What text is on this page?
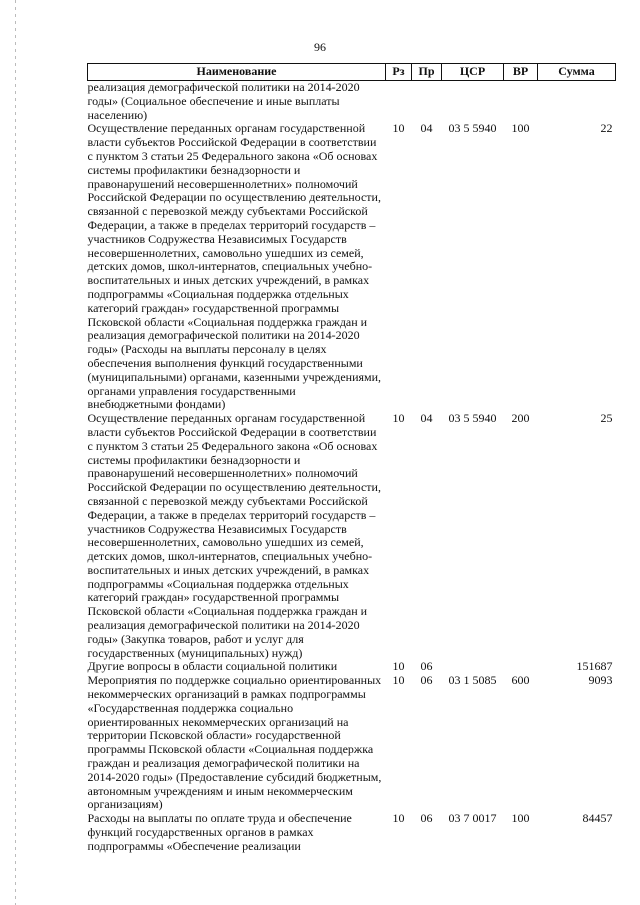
96
Наименование	Рз	Пр	ЦСР	ВР	Сумма
реализация демографической политики на 2014-2020 годы» (Социальное обеспечение и иные выплаты населению)					
Осуществление переданных органам государственной власти субъектов Российской Федерации в соответствии с пунктом 3 статьи 25 Федерального закона «Об основах системы профилактики безнадзорности и правонарушений несовершеннолетних» полномочий Российской Федерации по осуществлению деятельности, связанной с перевозкой между субъектами Российской Федерации, а также в пределах территорий государств – участников Содружества Независимых Государств несовершеннолетних, самовольно ушедших из семей, детских домов, школ-интернатов, специальных учебно-воспитательных и иных детских учреждений, в рамках подпрограммы «Социальная поддержка отдельных категорий граждан» государственной программы Псковской области «Социальная поддержка граждан и реализация демографической политики на 2014-2020 годы» (Расходы на выплаты персоналу в целях обеспечения выполнения функций государственными (муниципальными) органами, казенными учреждениями, органами управления государственными внебюджетными фондами)	10	04	03 5 5940	100	22
Осуществление переданных органам государственной власти субъектов Российской Федерации в соответствии с пунктом 3 статьи 25 Федерального закона «Об основах системы профилактики безнадзорности и правонарушений несовершеннолетних» полномочий Российской Федерации по осуществлению деятельности, связанной с перевозкой между субъектами Российской Федерации, а также в пределах территорий государств – участников Содружества Независимых Государств несовершеннолетних, самовольно ушедших из семей, детских домов, школ-интернатов, специальных учебно-воспитательных и иных детских учреждений, в рамках подпрограммы «Социальная поддержка отдельных категорий граждан» государственной программы Псковской области «Социальная поддержка граждан и реализация демографической политики на 2014-2020 годы» (Закупка товаров, работ и услуг для государственных (муниципальных) нужд)	10	04	03 5 5940	200	25
Другие вопросы в области социальной политики	10	06			151687
Мероприятия по поддержке социально ориентированных некоммерческих организаций в рамках подпрограммы «Государственная поддержка социально ориентированных некоммерческих организаций на территории Псковской области» государственной программы Псковской области «Социальная поддержка граждан и реализация демографической политики на 2014-2020 годы» (Предоставление субсидий бюджетным, автономным учреждениям и иным некоммерческим организациям)	10	06	03 1 5085	600	9093
Расходы на выплаты по оплате труда и обеспечение функций государственных органов в рамках подпрограммы «Обеспечение реализации	10	06	03 7 0017	100	84457
